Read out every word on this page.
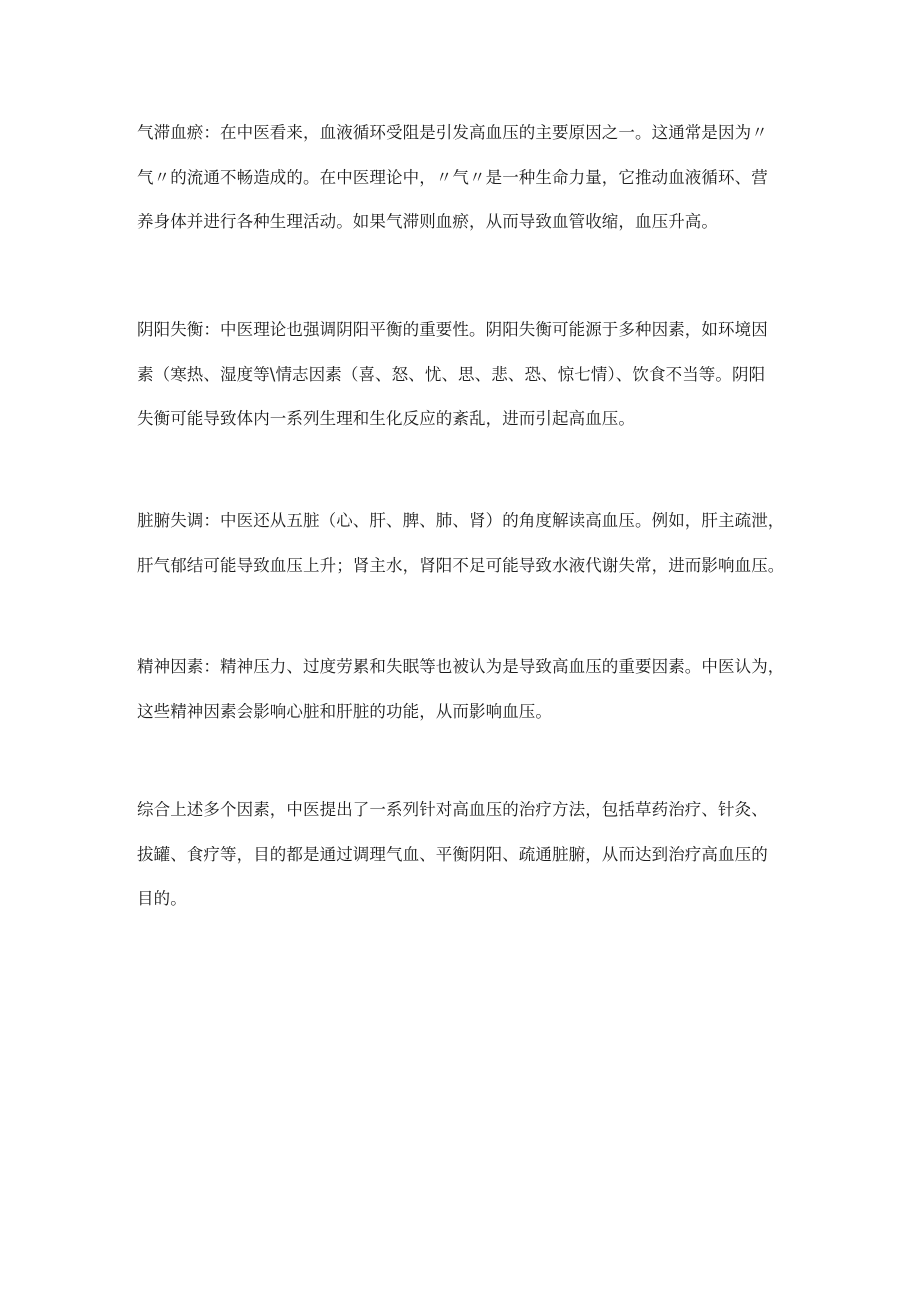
气滞血瘀：在中医看来，血液循环受阻是引发高血压的主要原因之一。这通常是因为〃
气〃的流通不畅造成的。在中医理论中，〃气〃是一种生命力量，它推动血液循环、营
养身体并进行各种生理活动。如果气滞则血瘀，从而导致血管收缩，血压升高。

阴阳失衡：中医理论也强调阴阳平衡的重要性。阴阳失衡可能源于多种因素，如环境因
素（寒热、湿度等\情志因素（喜、怒、忧、思、悲、恐、惊七情）、饮食不当等。阴阳
失衡可能导致体内一系列生理和生化反应的紊乱，进而引起高血压。

脏腑失调：中医还从五脏（心、肝、脾、肺、肾）的角度解读高血压。例如，肝主疏泄，
肝气郁结可能导致血压上升；肾主水，肾阳不足可能导致水液代谢失常，进而影响血压。

精神因素：精神压力、过度劳累和失眠等也被认为是导致高血压的重要因素。中医认为，
这些精神因素会影响心脏和肝脏的功能，从而影响血压。

综合上述多个因素，中医提出了一系列针对高血压的治疗方法，包括草药治疗、针灸、
拔罐、食疗等，目的都是通过调理气血、平衡阴阳、疏通脏腑，从而达到治疗高血压的
目的。
